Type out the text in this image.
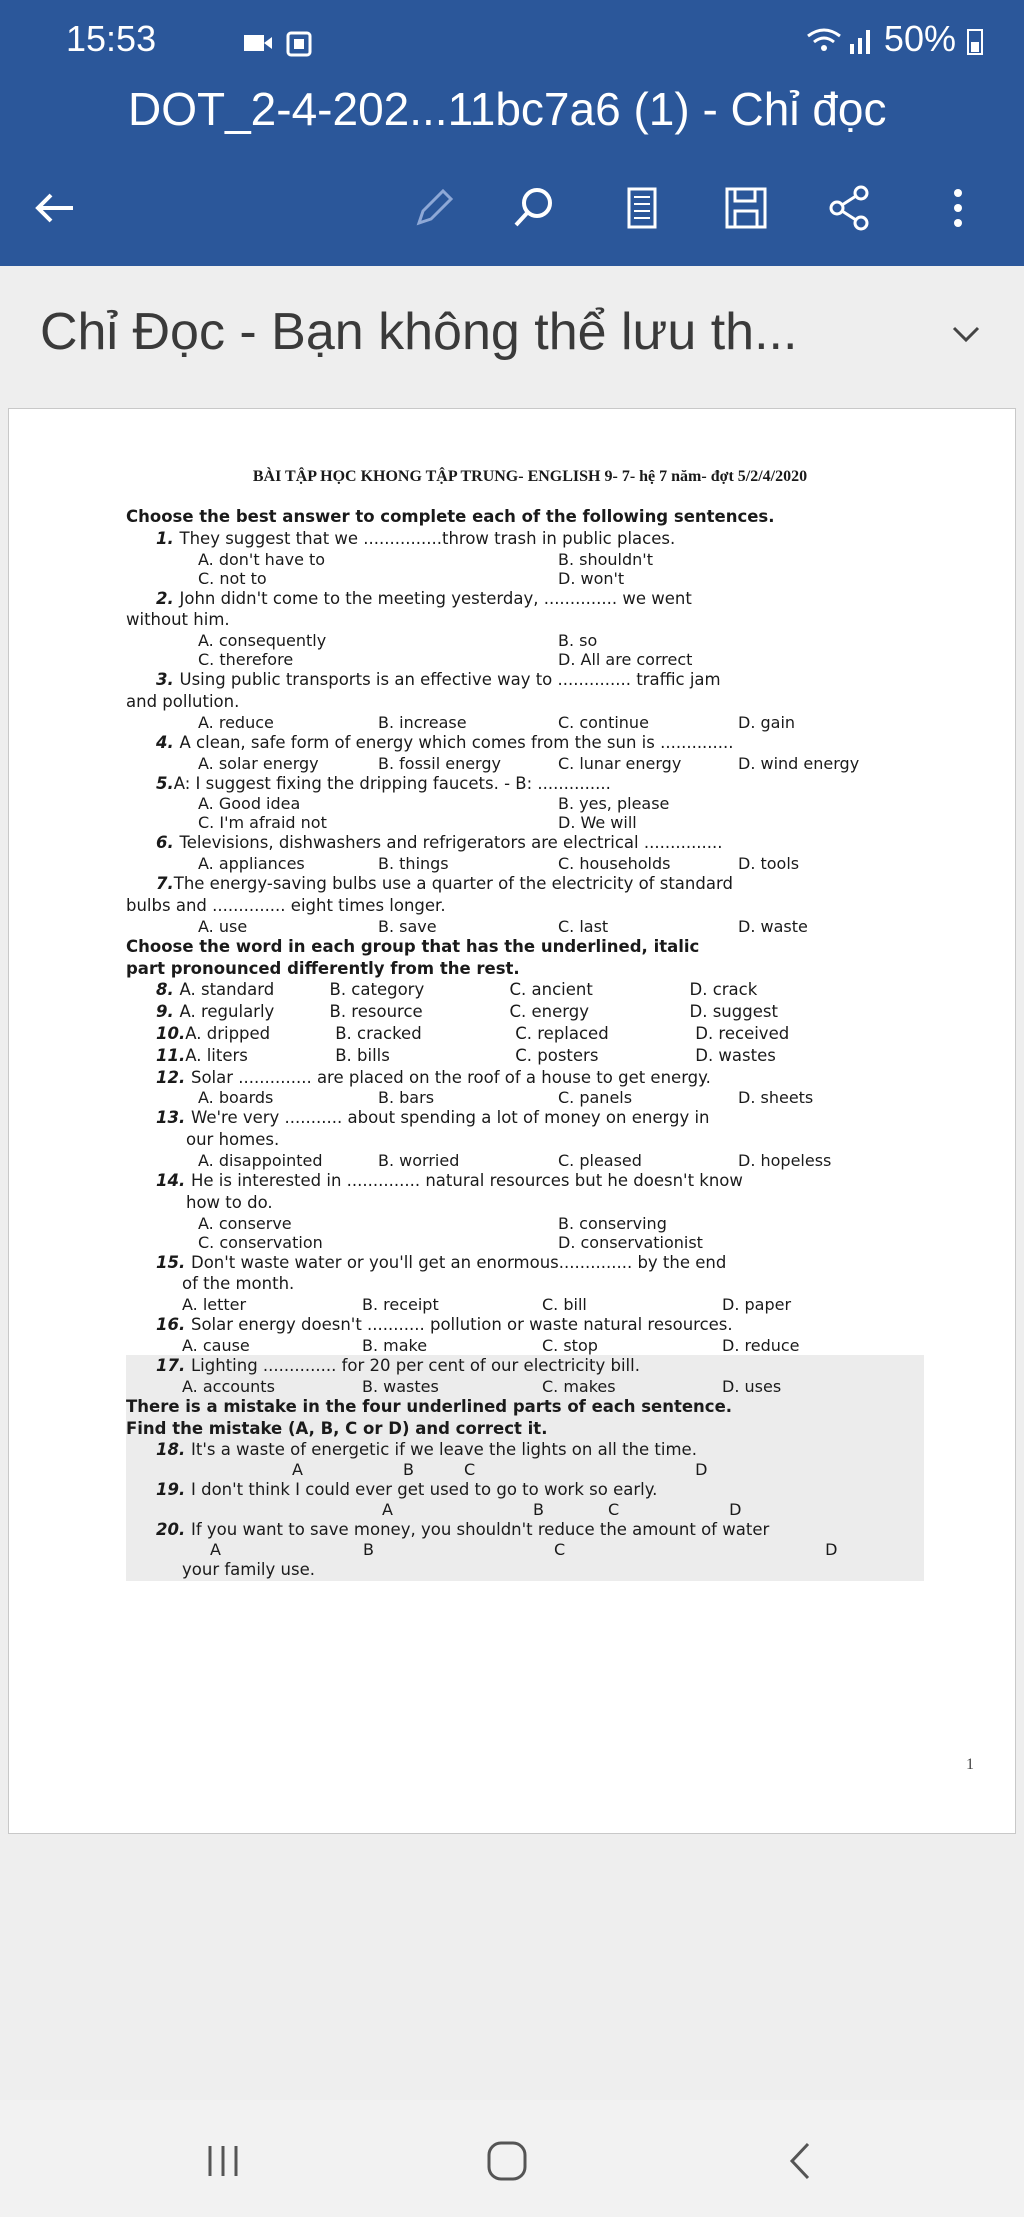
15:53	50%
DOT_2-4-202...11bc7a6 (1) - Chỉ đọc
Chỉ Đọc - Bạn không thể lưu th...
BÀI TẬP HỌC KHONG TẬP TRUNG- ENGLISH 9- 7- hệ 7 năm- đợt 5/2/4/2020
Choose the best answer to complete each of the following sentences.
1. They suggest that we ...............throw trash in public places.
A. don't have to	B. shouldn't
C. not to	D. won't
2. John didn't come to the meeting yesterday, .............. we went
without him.
A. consequently	B. so
C. therefore	D. All are correct
3. Using public transports is an effective way to .............. traffic jam
and pollution.
A. reduce	B. increase	C. continue	D. gain
4. A clean, safe form of energy which comes from the sun is ..............
A. solar energy	B. fossil energy	C. lunar energy	D. wind energy
5.A: I suggest fixing the dripping faucets. - B: ..............
A. Good idea	B. yes, please
C. I'm afraid not	D. We will
6. Televisions, dishwashers and refrigerators are electrical ...............
A. appliances	B. things	C. households	D. tools
7.The energy-saving bulbs use a quarter of the electricity of standard
bulbs and .............. eight times longer.
A. use	B. save	C. last	D. waste
Choose the word in each group that has the underlined, italic
part pronounced differently from the rest.
8. A. standard	B. category	C. ancient	D. crack
9. A. regularly	B. resource	C. energy	D. suggest
10.A. dripped	B. cracked	C. replaced	D. received
11.A. liters	B. bills	C. posters	D. wastes
12. Solar .............. are placed on the roof of a house to get energy.
A. boards	B. bars	C. panels	D. sheets
13. We're very ........... about spending a lot of money on energy in
our homes.
A. disappointed	B. worried	C. pleased	D. hopeless
14. He is interested in .............. natural resources but he doesn't know
how to do.
A. conserve	B. conserving
C. conservation	D. conservationist
15. Don't waste water or you'll get an enormous.............. by the end
of the month.
A. letter	B. receipt	C. bill	D. paper
16. Solar energy doesn't ........... pollution or waste natural resources.
A. cause	B. make	C. stop	D. reduce
17. Lighting .............. for 20 per cent of our electricity bill.
A. accounts	B. wastes	C. makes	D. uses
There is a mistake in the four underlined parts of each sentence.
Find the mistake (A, B, C or D) and correct it.
18. It's a waste of energetic if we leave the lights on all the time.
A	B	C	D
19. I don't think I could ever get used to go to work so early.
A	B	C	D
20. If you want to save money, you shouldn't reduce the amount of water
A	B	C	D
your family use.
1
